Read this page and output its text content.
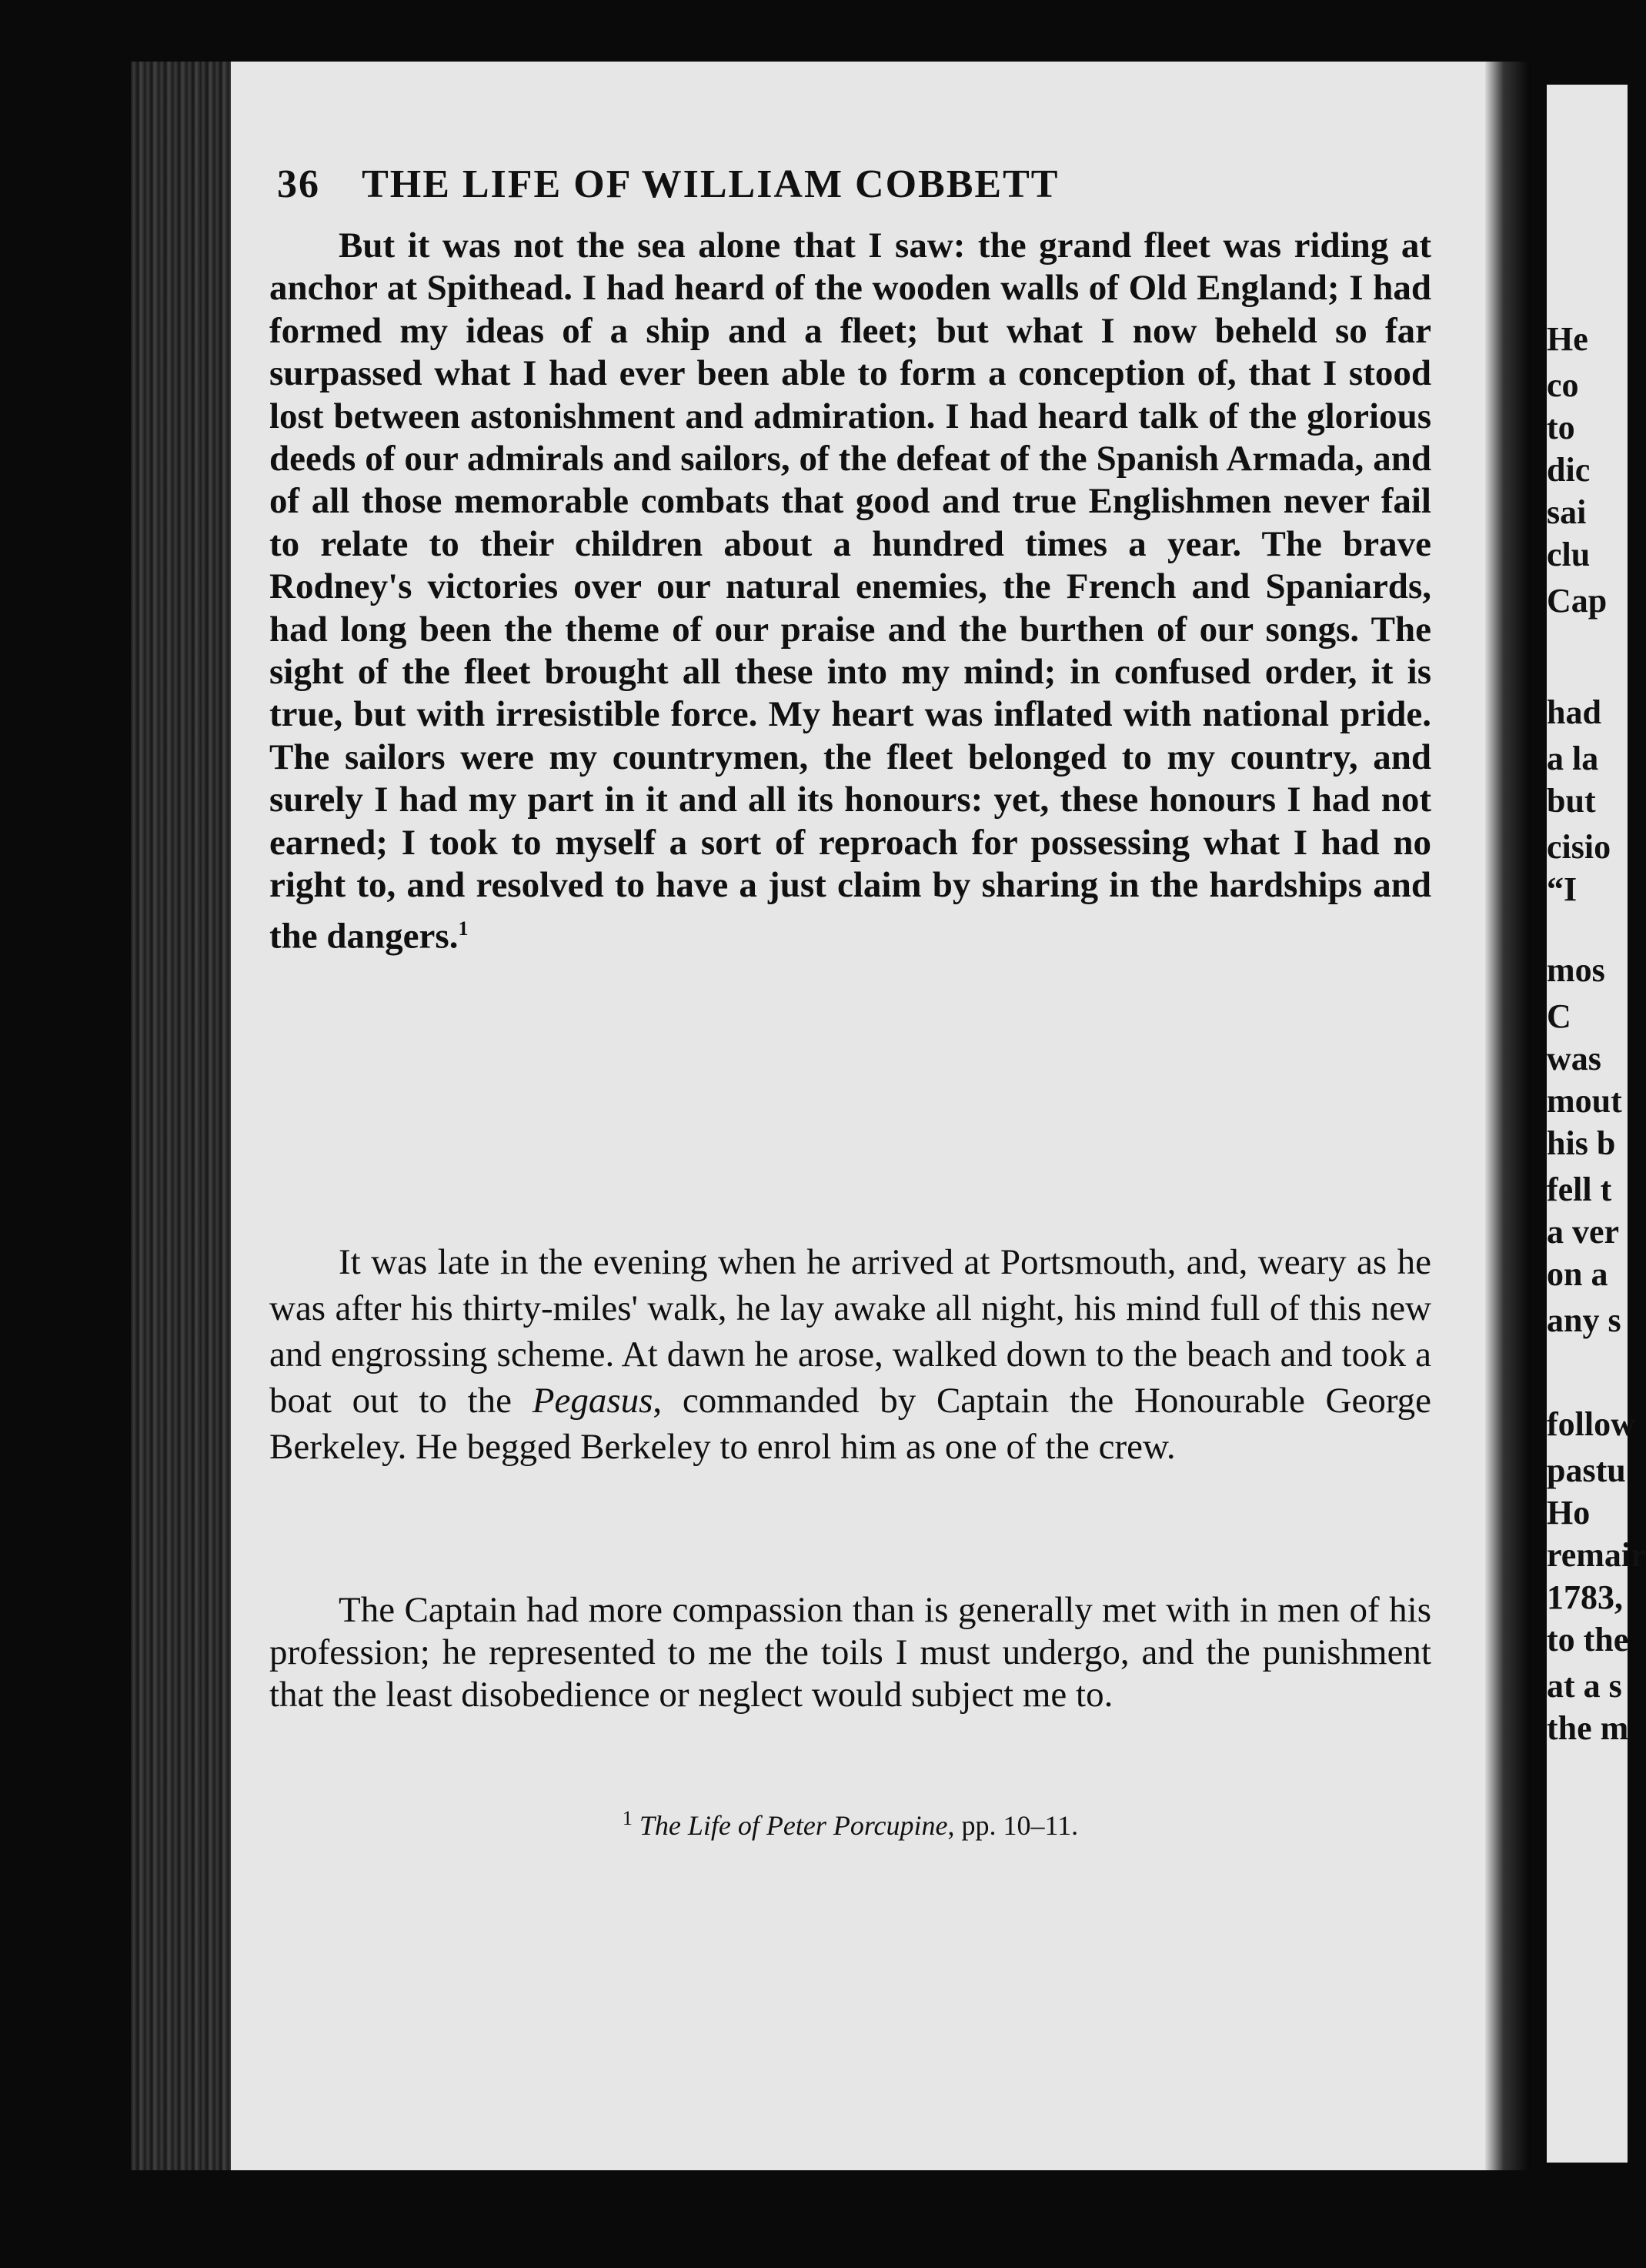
36 THE LIFE OF WILLIAM COBBETT

But it was not the sea alone that I saw: the grand fleet was riding at anchor at Spithead. I had heard of the wooden walls of Old England; I had formed my ideas of a ship and a fleet; but what I now beheld so far surpassed what I had ever been able to form a conception of, that I stood lost between astonishment and admiration. I had heard talk of the glorious deeds of our admirals and sailors, of the defeat of the Spanish Armada, and of all those memorable combats that good and true Englishmen never fail to relate to their children about a hundred times a year. The brave Rodney's victories over our natural enemies, the French and Spaniards, had long been the theme of our praise and the burthen of our songs. The sight of the fleet brought all these into my mind; in confused order, it is true, but with irresistible force. My heart was inflated with national pride. The sailors were my countrymen, the fleet belonged to my country, and surely I had my part in it and all its honours: yet, these honours I had not earned; I took to myself a sort of reproach for possessing what I had no right to, and resolved to have a just claim by sharing in the hardships and the dangers.$^1$

It was late in the evening when he arrived at Portsmouth, and, weary as he was after his thirty-miles' walk, he lay awake all night, his mind full of this new and engrossing scheme. At dawn he arose, walked down to the beach and took a boat out to the Pegasus, commanded by Captain the Honourable George Berkeley. He begged Berkeley to enrol him as one of the crew.

The Captain had more compassion than is generally met with in men of his profession; he represented to me the toils I must undergo, and the punishment that the least disobedience or neglect would subject me to.

$^1$ The Life of Peter Porcupine, pp. 10–11.
He
co
to
dic
sai
clu
Cap
had
a la
but
cisio
“I
mos
C
was
mout
his b
fell t
a ver
on a
any s
follow
pastu
Ho
remair
1783,
to the
at a s
the m
